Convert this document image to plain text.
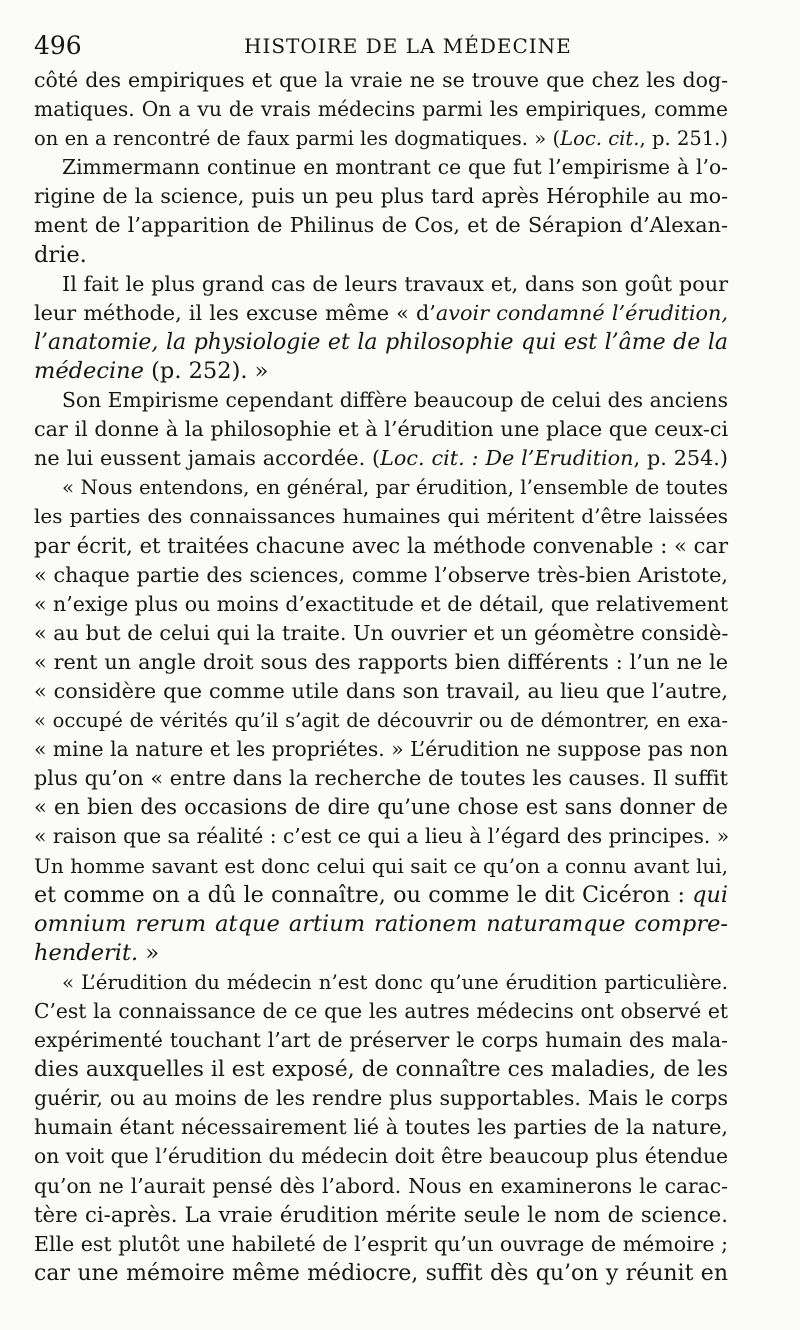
496	HISTOIRE DE LA MÉDECINE
côté des empiriques et que la vraie ne se trouve que chez les dog-
matiques. On a vu de vrais médecins parmi les empiriques, comme
on en a rencontré de faux parmi les dogmatiques. » (Loc. cit., p. 251.)
Zimmermann continue en montrant ce que fut l’empirisme à l’o-
rigine de la science, puis un peu plus tard après Hérophile au mo-
ment de l’apparition de Philinus de Cos, et de Sérapion d’Alexan-
drie.
Il fait le plus grand cas de leurs travaux et, dans son goût pour
leur méthode, il les excuse même « d’avoir condamné l’érudition,
l’anatomie, la physiologie et la philosophie qui est l’âme de la
médecine (p. 252). »
Son Empirisme cependant diffère beaucoup de celui des anciens
car il donne à la philosophie et à l’érudition une place que ceux-ci
ne lui eussent jamais accordée. (Loc. cit. : De l’Erudition, p. 254.)
« Nous entendons, en général, par érudition, l’ensemble de toutes
les parties des connaissances humaines qui méritent d’être laissées
par écrit, et traitées chacune avec la méthode convenable : « car
« chaque partie des sciences, comme l’observe très-bien Aristote,
« n’exige plus ou moins d’exactitude et de détail, que relativement
« au but de celui qui la traite. Un ouvrier et un géomètre considè-
« rent un angle droit sous des rapports bien différents : l’un ne le
« considère que comme utile dans son travail, au lieu que l’autre,
« occupé de vérités qu’il s’agit de découvrir ou de démontrer, en exa-
« mine la nature et les propriétes. » L’érudition ne suppose pas non
plus qu’on « entre dans la recherche de toutes les causes. Il suffit
« en bien des occasions de dire qu’une chose est sans donner de
« raison que sa réalité : c’est ce qui a lieu à l’égard des principes. »
Un homme savant est donc celui qui sait ce qu’on a connu avant lui,
et comme on a dû le connaître, ou comme le dit Cicéron : qui
omnium rerum atque artium rationem naturamque compre-
henderit. »
« L’érudition du médecin n’est donc qu’une érudition particulière.
C’est la connaissance de ce que les autres médecins ont observé et
expérimenté touchant l’art de préserver le corps humain des mala-
dies auxquelles il est exposé, de connaître ces maladies, de les
guérir, ou au moins de les rendre plus supportables. Mais le corps
humain étant nécessairement lié à toutes les parties de la nature,
on voit que l’érudition du médecin doit être beaucoup plus étendue
qu’on ne l’aurait pensé dès l’abord. Nous en examinerons le carac-
tère ci-après. La vraie érudition mérite seule le nom de science.
Elle est plutôt une habileté de l’esprit qu’un ouvrage de mémoire ;
car une mémoire même médiocre, suffit dès qu’on y réunit en
